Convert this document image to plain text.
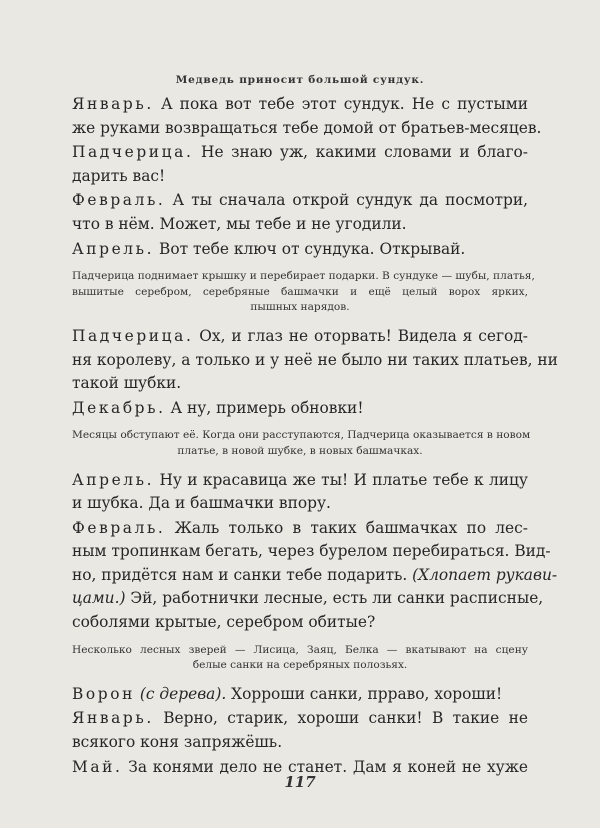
Медведь приносит большой сундук.
Январь. А пока вот тебе этот сундук. Не с пустыми
же руками возвращаться тебе домой от братьев-месяцев.
Падчерица. Не знаю уж, какими словами и благо-
дарить вас!
Февраль. А ты сначала открой сундук да посмотри,
что в нём. Может, мы тебе и не угодили.
Апрель. Вот тебе ключ от сундука. Открывай.
Падчерица поднимает крышку и перебирает подарки. В сундуке — шубы, платья,
вышитые серебром, серебряные башмачки и ещё целый ворох ярких,
пышных нарядов.
Падчерица. Ох, и глаз не оторвать! Видела я сегод-
ня королеву, а только и у неё не было ни таких платьев, ни
такой шубки.
Декабрь. А ну, примерь обновки!
Месяцы обступают её. Когда они расступаются, Падчерица оказывается в новом
платье, в новой шубке, в новых башмачках.
Апрель. Ну и красавица же ты! И платье тебе к лицу
и шубка. Да и башмачки впору.
Февраль. Жаль только в таких башмачках по лес-
ным тропинкам бегать, через бурелом перебираться. Вид-
но, придётся нам и санки тебе подарить. (Хлопает рукави-
цами.) Эй, работнички лесные, есть ли санки расписные,
соболями крытые, серебром обитые?
Несколько лесных зверей — Лисица, Заяц, Белка — вкатывают на сцену
белые санки на серебряных полозьях.
Ворон (с дерева). Хорроши санки, прраво, хороши!
Январь. Верно, старик, хороши санки! В такие не
всякого коня запряжёшь.
Май. За конями дело не станет. Дам я коней не хуже
117
